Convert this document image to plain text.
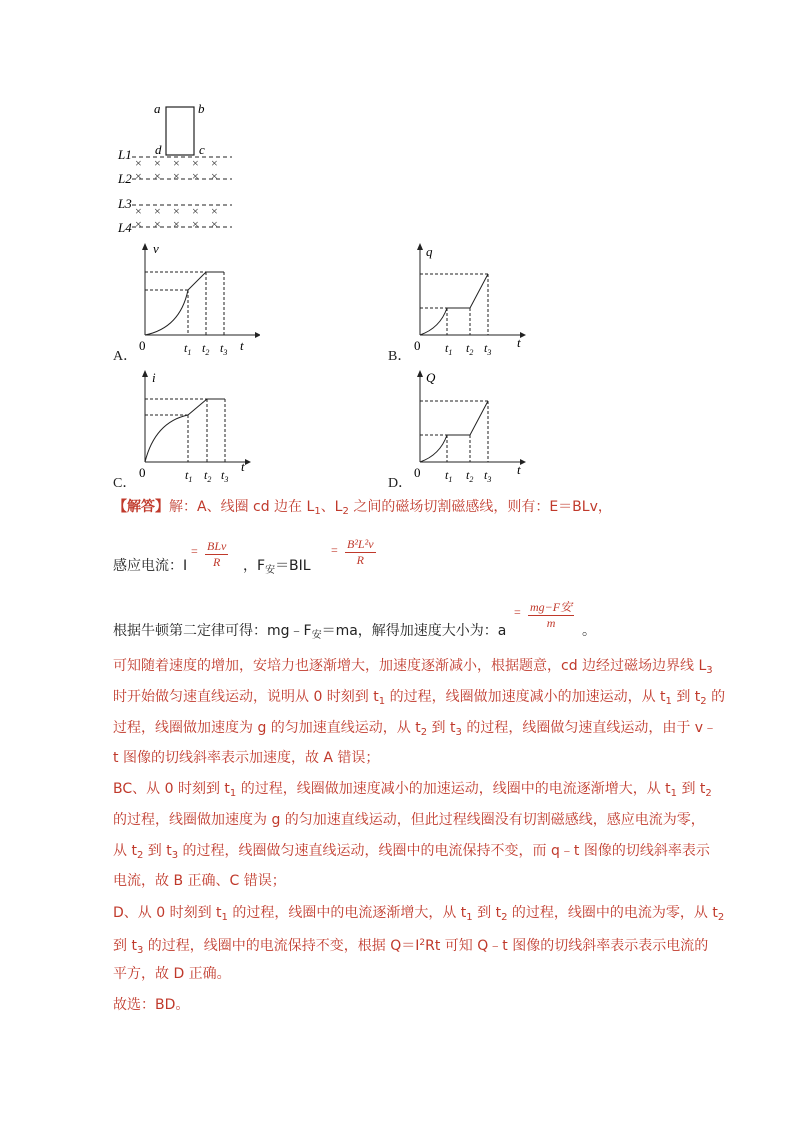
a	b
c
d
× × × × ×
× × × × ×
× × × × ×
× × × × ×
L1
L2
L3
L4
A．
v
0	$t_1$ $t_2$ $t_3$ t
B．
q
0 $t_1$ $t_2$ $t_3$
t
C．
i
0	$t_1$ $t_2$ $t_3$
t
D．
Q
0 $t_1$ $t_2$ $t_3$
t
【解答】解：A、线圈 cd 边在 $L_1$、$L_2$ 之间的磁场切割磁感线，则有：E＝BLv，
感应电流：I
= BLv
R	，$F_安=BIL$
= B²L²v
R
根据牛顿第二定律可得：$mg﹣F_安=ma$，解得加速度大小为：a
= mg−F安
m	。
可知随着速度的增加，安培力也逐渐增大，加速度逐渐减小，根据题意，cd 边经过磁场边界线 $L_3$
时开始做匀速直线运动，说明从 0 时刻到 $t_1$ 的过程，线圈做加速度减小的加速运动，从 $t_1$ 到 $t_2$ 的
过程，线圈做加速度为 g 的匀加速直线运动，从 $t_2$ 到 $t_3$ 的过程，线圈做匀速直线运动，由于 v﹣
t 图像的切线斜率表示加速度，故 A 错误；
BC、从 0 时刻到 $t_1$ 的过程，线圈做加速度减小的加速运动，线圈中的电流逐渐增大，从 $t_1$ 到 $t_2$
的过程，线圈做加速度为 g 的匀加速直线运动，但此过程线圈没有切割磁感线，感应电流为零，
从 $t_2$ 到 $t_3$ 的过程，线圈做匀速直线运动，线圈中的电流保持不变，而 q﹣t 图像的切线斜率表示
电流，故 B 正确、C 错误；
D、从 0 时刻到 $t_1$ 的过程，线圈中的电流逐渐增大，从 $t_1$ 到 $t_2$ 的过程，线圈中的电流为零，从 $t_2$
到 $t_3$ 的过程，线圈中的电流保持不变，根据 $Q=I^2Rt$ 可知 Q﹣t 图像的切线斜率表示表示电流的
平方，故 D 正确。
故选：BD。
